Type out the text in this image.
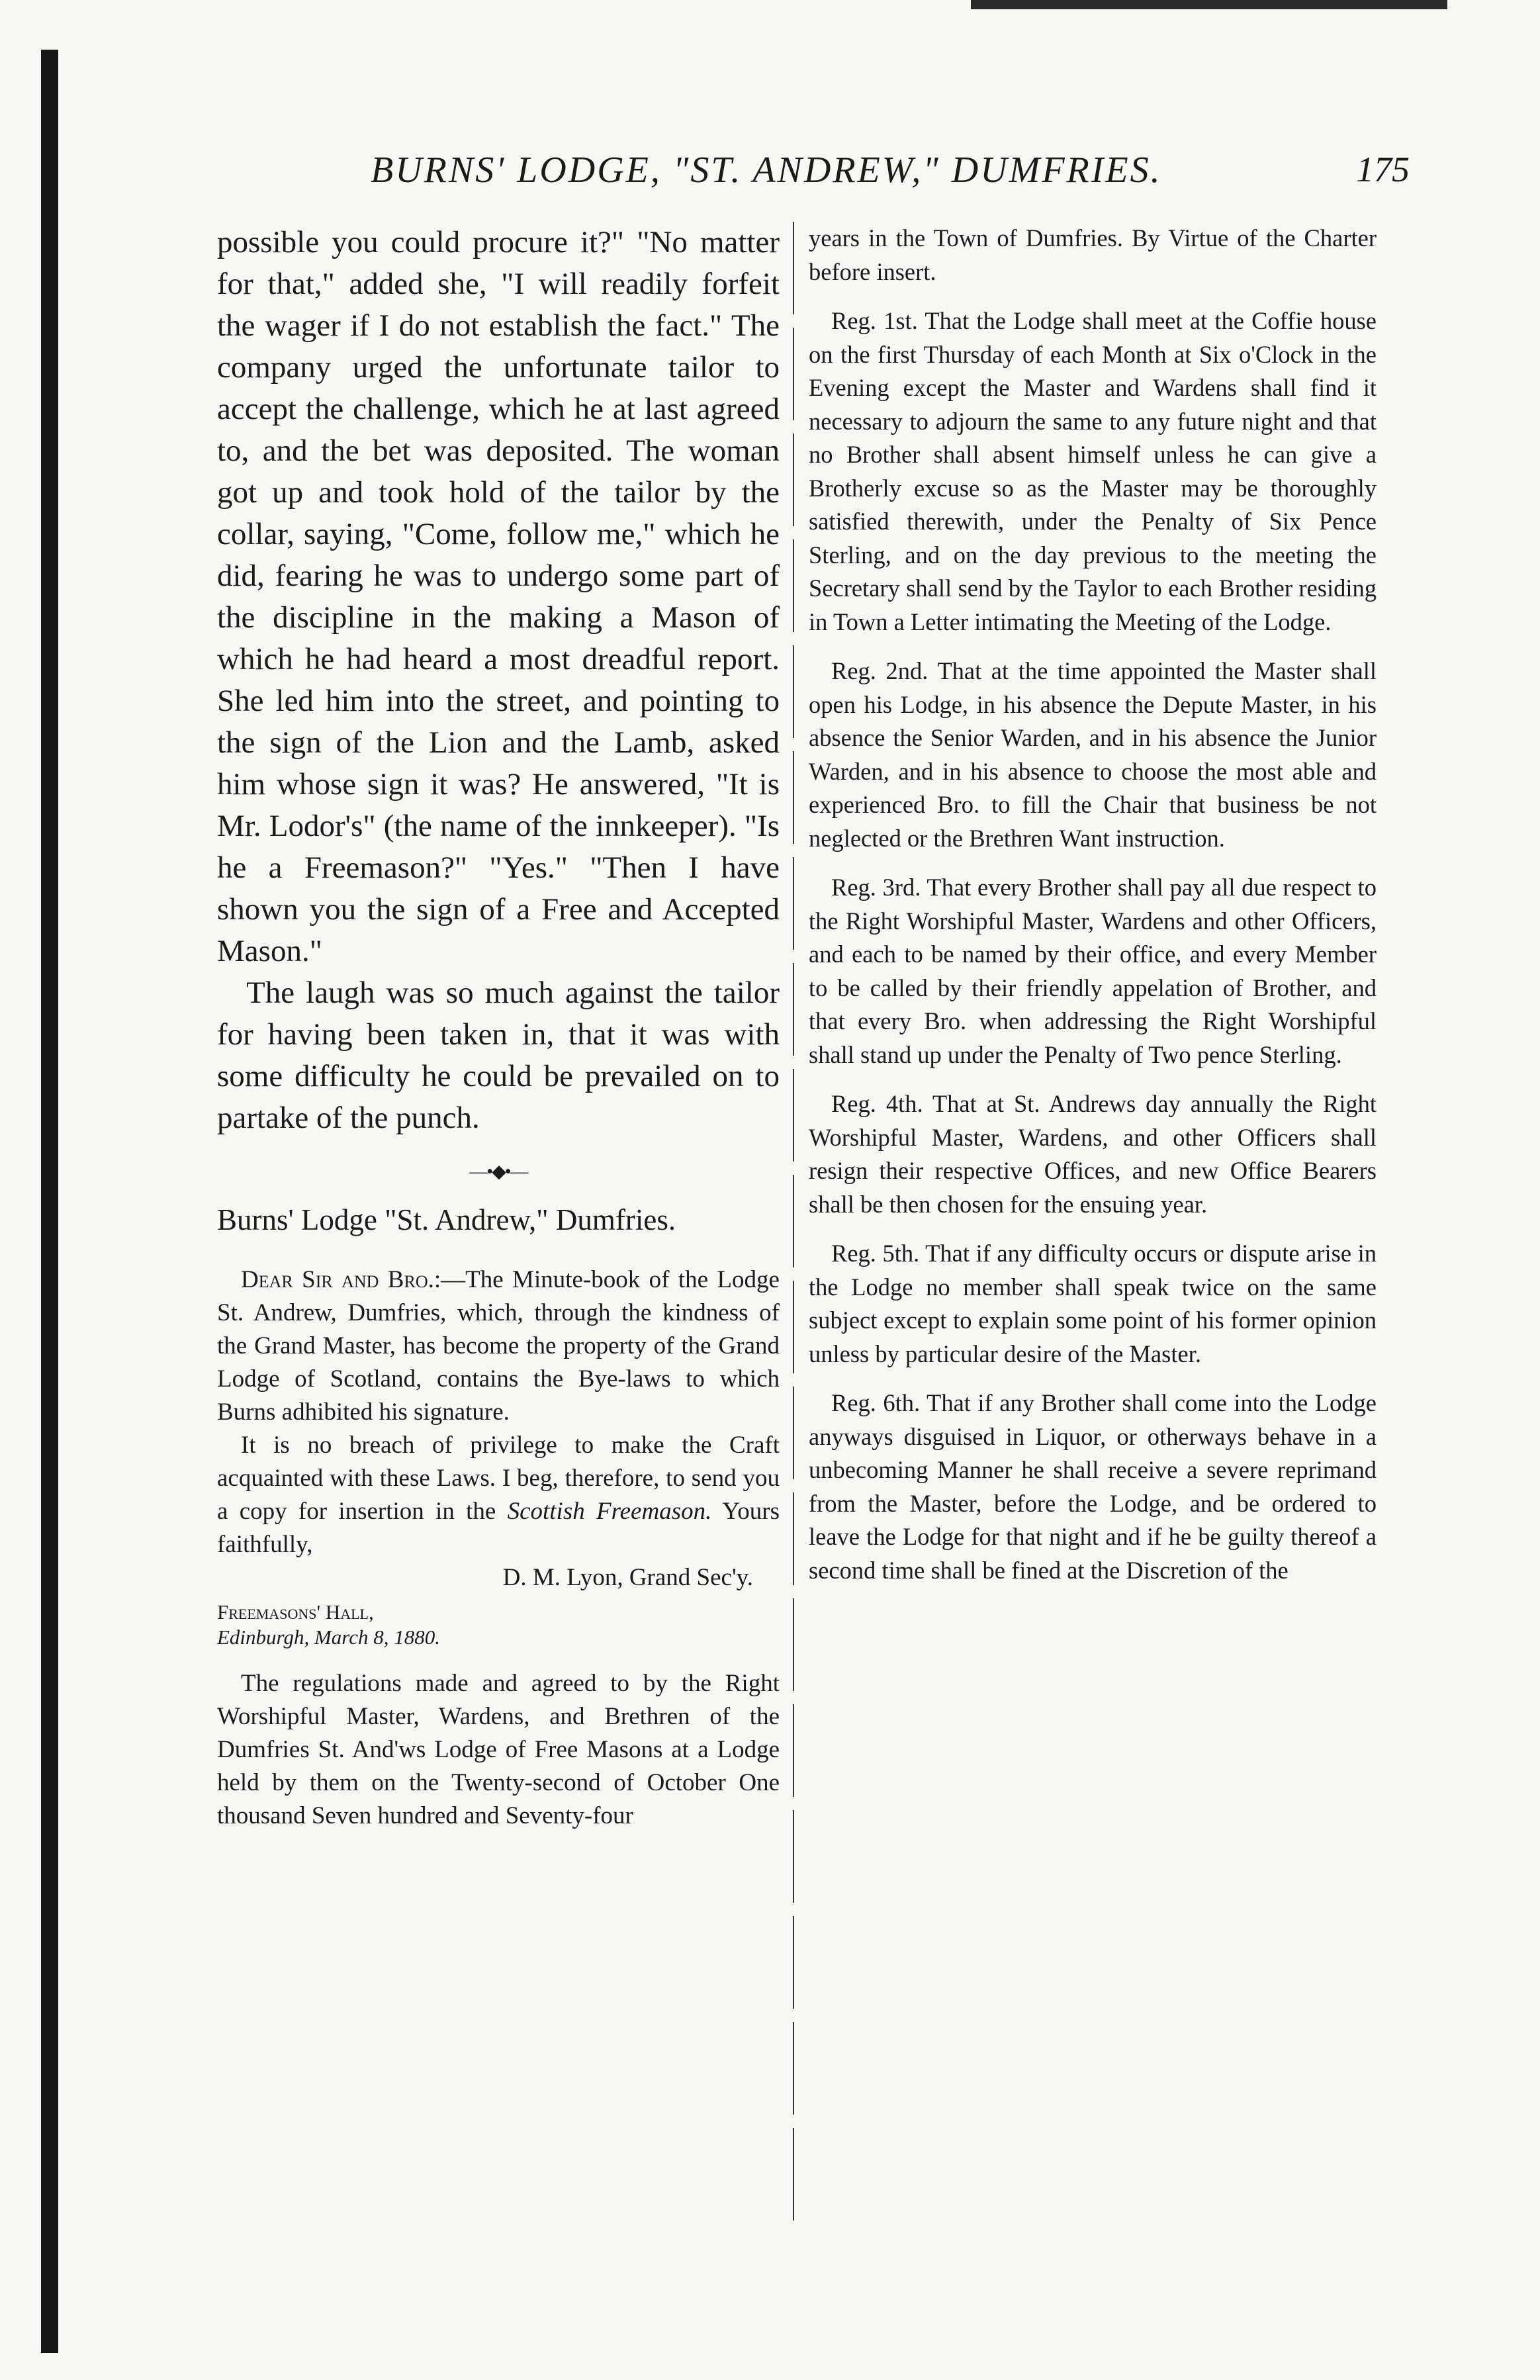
BURNS' LODGE, "ST. ANDREW," DUMFRIES.	175

possible you could procure it?" "No matter for that," added she, "I will readily forfeit the wager if I do not establish the fact." The company urged the unfortunate tailor to accept the challenge, which he at last agreed to, and the bet was deposited. The woman got up and took hold of the tailor by the collar, saying, "Come, follow me," which he did, fearing he was to undergo some part of the discipline in the making a Mason of which he had heard a most dreadful report. She led him into the street, and pointing to the sign of the Lion and the Lamb, asked him whose sign it was? He answered, "It is Mr. Lodor's" (the name of the innkeeper). "Is he a Freemason?" "Yes." "Then I have shown you the sign of a Free and Accepted Mason."

The laugh was so much against the tailor for having been taken in, that it was with some difficulty he could be prevailed on to partake of the punch.

—•◆•—
Burns' Lodge "St. Andrew," Dumfries.

Dear Sir and Bro.:—The Minute-book of the Lodge St. Andrew, Dumfries, which, through the kindness of the Grand Master, has become the property of the Grand Lodge of Scotland, contains the Bye-laws to which Burns adhibited his signature.

It is no breach of privilege to make the Craft acquainted with these Laws. I beg, therefore, to send you a copy for insertion in the Scottish Freemason. Yours faithfully,

D. M. Lyon, Grand Sec'y.

Freemasons' Hall,
Edinburgh, March 8, 1880.

The regulations made and agreed to by the Right Worshipful Master, Wardens, and Brethren of the Dumfries St. And'ws Lodge of Free Masons at a Lodge held by them on the Twenty-second of October One thousand Seven hundred and Seventy-four

years in the Town of Dumfries. By Virtue of the Charter before insert.

Reg. 1st. That the Lodge shall meet at the Coffie house on the first Thursday of each Month at Six o'Clock in the Evening except the Master and Wardens shall find it necessary to adjourn the same to any future night and that no Brother shall absent himself unless he can give a Brotherly excuse so as the Master may be thoroughly satisfied therewith, under the Penalty of Six Pence Sterling, and on the day previous to the meeting the Secretary shall send by the Taylor to each Brother residing in Town a Letter intimating the Meeting of the Lodge.

Reg. 2nd. That at the time appointed the Master shall open his Lodge, in his absence the Depute Master, in his absence the Senior Warden, and in his absence the Junior Warden, and in his absence to choose the most able and experienced Bro. to fill the Chair that business be not neglected or the Brethren Want instruction.

Reg. 3rd. That every Brother shall pay all due respect to the Right Worshipful Master, Wardens and other Officers, and each to be named by their office, and every Member to be called by their friendly appelation of Brother, and that every Bro. when addressing the Right Worshipful shall stand up under the Penalty of Two pence Sterling.

Reg. 4th. That at St. Andrews day annually the Right Worshipful Master, Wardens, and other Officers shall resign their respective Offices, and new Office Bearers shall be then chosen for the ensuing year.

Reg. 5th. That if any difficulty occurs or dispute arise in the Lodge no member shall speak twice on the same subject except to explain some point of his former opinion unless by particular desire of the Master.

Reg. 6th. That if any Brother shall come into the Lodge anyways disguised in Liquor, or otherways behave in a unbecoming Manner he shall receive a severe reprimand from the Master, before the Lodge, and be ordered to leave the Lodge for that night and if he be guilty thereof a second time shall be fined at the Discretion of the
